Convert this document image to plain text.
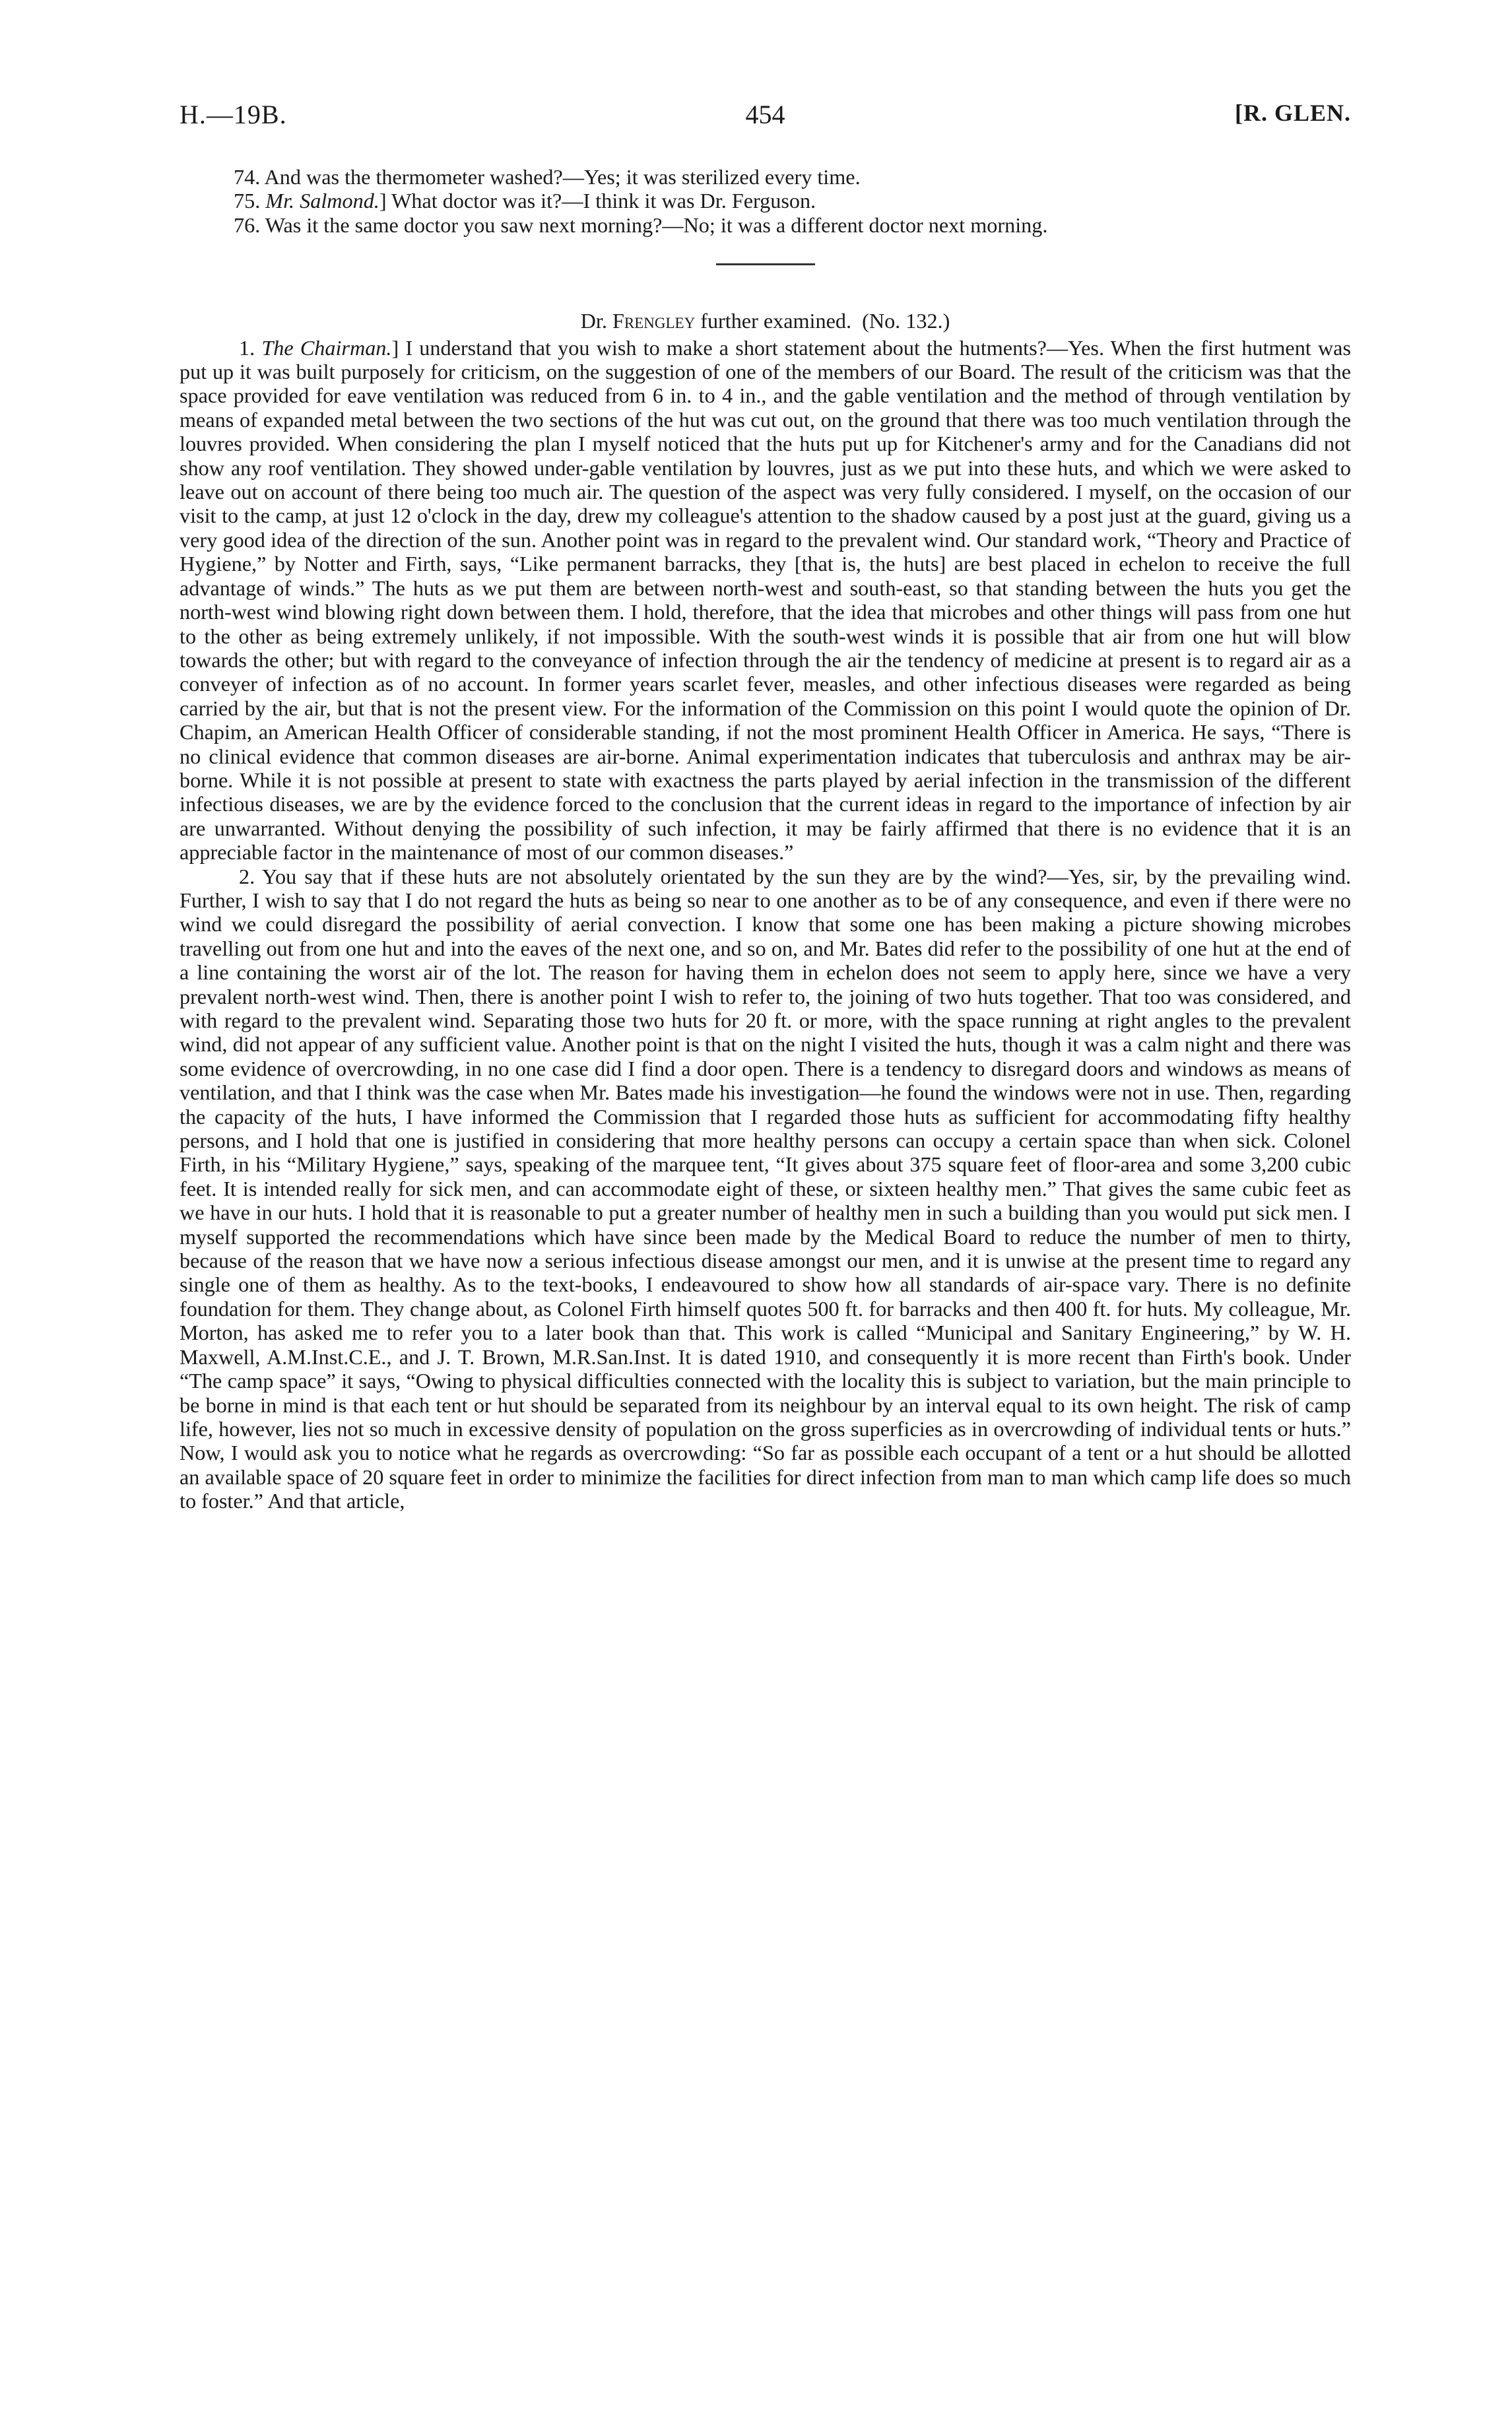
H.—19B.	454	[R. GLEN.

74. And was the thermometer washed?—Yes; it was sterilized every time.

75. Mr. Salmond.] What doctor was it?—I think it was Dr. Ferguson.

76. Was it the same doctor you saw next morning?—No; it was a different doctor next morning.

Dr. Frengley further examined. (No. 132.)

1. The Chairman.] I understand that you wish to make a short statement about the hutments?—Yes. When the first hutment was put up it was built purposely for criticism, on the suggestion of one of the members of our Board. The result of the criticism was that the space provided for eave ventilation was reduced from 6 in. to 4 in., and the gable ventilation and the method of through ventilation by means of expanded metal between the two sections of the hut was cut out, on the ground that there was too much ventilation through the louvres provided. When considering the plan I myself noticed that the huts put up for Kitchener's army and for the Canadians did not show any roof ventilation. They showed under-gable ventilation by louvres, just as we put into these huts, and which we were asked to leave out on account of there being too much air. The question of the aspect was very fully considered. I myself, on the occasion of our visit to the camp, at just 12 o'clock in the day, drew my colleague's attention to the shadow caused by a post just at the guard, giving us a very good idea of the direction of the sun. Another point was in regard to the prevalent wind. Our standard work, “Theory and Practice of Hygiene,” by Notter and Firth, says, “Like permanent barracks, they [that is, the huts] are best placed in echelon to receive the full advantage of winds.” The huts as we put them are between north-west and south-east, so that standing between the huts you get the north-west wind blowing right down between them. I hold, therefore, that the idea that microbes and other things will pass from one hut to the other as being extremely unlikely, if not impossible. With the south-west winds it is possible that air from one hut will blow towards the other; but with regard to the conveyance of infection through the air the tendency of medicine at present is to regard air as a conveyer of infection as of no account. In former years scarlet fever, measles, and other infectious diseases were regarded as being carried by the air, but that is not the present view. For the information of the Commission on this point I would quote the opinion of Dr. Chapim, an American Health Officer of considerable standing, if not the most prominent Health Officer in America. He says, “There is no clinical evidence that common diseases are air-borne. Animal experimentation indicates that tuberculosis and anthrax may be air-borne. While it is not possible at present to state with exactness the parts played by aerial infection in the transmission of the different infectious diseases, we are by the evidence forced to the conclusion that the current ideas in regard to the importance of infection by air are unwarranted. Without denying the possibility of such infection, it may be fairly affirmed that there is no evidence that it is an appreciable factor in the maintenance of most of our common diseases.”

2. You say that if these huts are not absolutely orientated by the sun they are by the wind?—Yes, sir, by the prevailing wind. Further, I wish to say that I do not regard the huts as being so near to one another as to be of any consequence, and even if there were no wind we could disregard the possibility of aerial convection. I know that some one has been making a picture showing microbes travelling out from one hut and into the eaves of the next one, and so on, and Mr. Bates did refer to the possibility of one hut at the end of a line containing the worst air of the lot. The reason for having them in echelon does not seem to apply here, since we have a very prevalent north-west wind. Then, there is another point I wish to refer to, the joining of two huts together. That too was considered, and with regard to the prevalent wind. Separating those two huts for 20 ft. or more, with the space running at right angles to the prevalent wind, did not appear of any sufficient value. Another point is that on the night I visited the huts, though it was a calm night and there was some evidence of overcrowding, in no one case did I find a door open. There is a tendency to disregard doors and windows as means of ventilation, and that I think was the case when Mr. Bates made his investigation—he found the windows were not in use. Then, regarding the capacity of the huts, I have informed the Commission that I regarded those huts as sufficient for accommodating fifty healthy persons, and I hold that one is justified in considering that more healthy persons can occupy a certain space than when sick. Colonel Firth, in his “Military Hygiene,” says, speaking of the marquee tent, “It gives about 375 square feet of floor-area and some 3,200 cubic feet. It is intended really for sick men, and can accommodate eight of these, or sixteen healthy men.” That gives the same cubic feet as we have in our huts. I hold that it is reasonable to put a greater number of healthy men in such a building than you would put sick men. I myself supported the recommendations which have since been made by the Medical Board to reduce the number of men to thirty, because of the reason that we have now a serious infectious disease amongst our men, and it is unwise at the present time to regard any single one of them as healthy. As to the text-books, I endeavoured to show how all standards of air-space vary. There is no definite foundation for them. They change about, as Colonel Firth himself quotes 500 ft. for barracks and then 400 ft. for huts. My colleague, Mr. Morton, has asked me to refer you to a later book than that. This work is called “Municipal and Sanitary Engineering,” by W. H. Maxwell, A.M.Inst.C.E., and J. T. Brown, M.R.San.Inst. It is dated 1910, and consequently it is more recent than Firth's book. Under “The camp space” it says, “Owing to physical difficulties connected with the locality this is subject to variation, but the main principle to be borne in mind is that each tent or hut should be separated from its neighbour by an interval equal to its own height. The risk of camp life, however, lies not so much in excessive density of population on the gross superficies as in overcrowding of individual tents or huts.” Now, I would ask you to notice what he regards as overcrowding: “So far as possible each occupant of a tent or a hut should be allotted an available space of 20 square feet in order to minimize the facilities for direct infection from man to man which camp life does so much to foster.” And that article,
